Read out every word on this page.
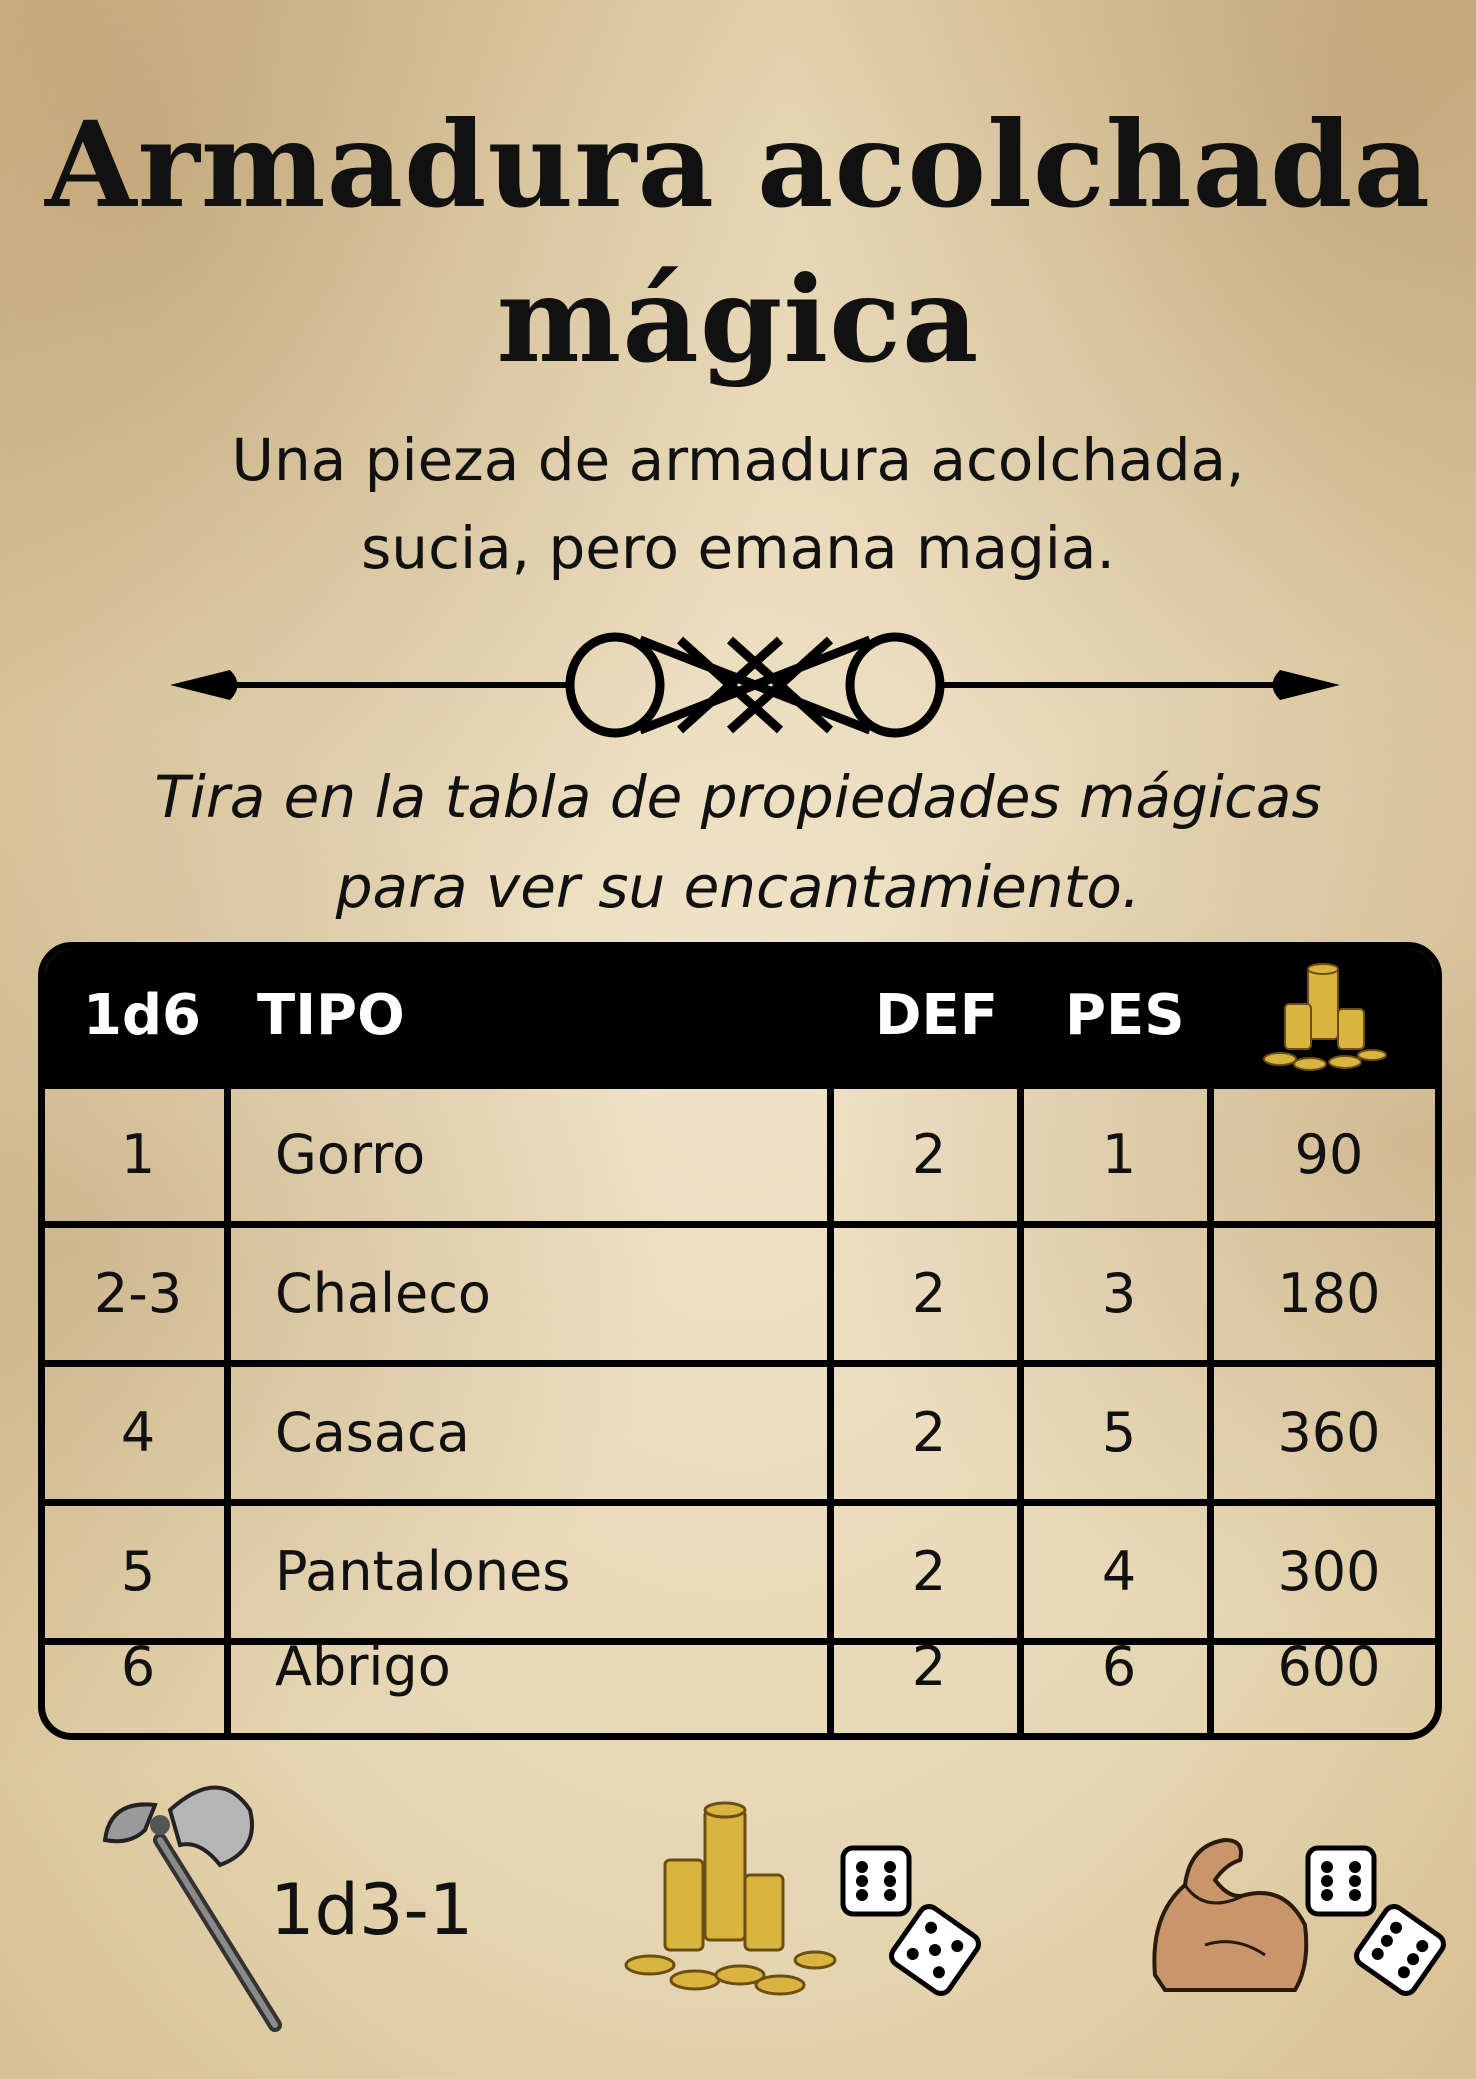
Armadura acolchada
mágica
Una pieza de armadura acolchada,
sucia, pero emana magia.
Tira en la tabla de propiedades mágicas
para ver su encantamiento.
1d6 TIPO	DEF PES
1	Gorro	2	1	90
2-3	Chaleco	2	3	180
4	Casaca	2	5	360
5	Pantalones	2	4	300
6	Abrigo	2	6	600
1d3-1
